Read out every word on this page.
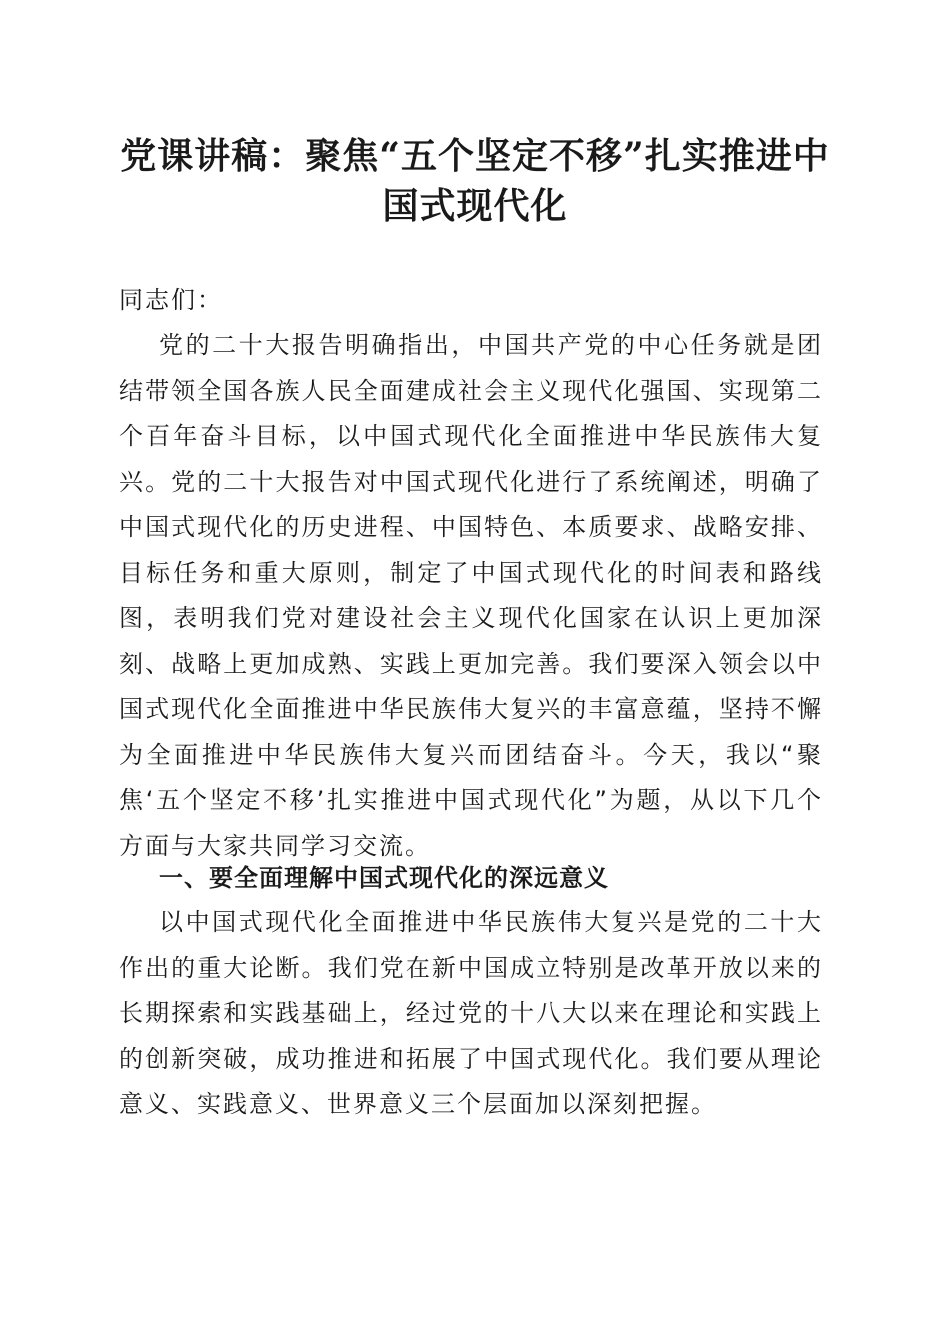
党课讲稿：聚焦“五个坚定不移”扎实推进中
国式现代化

同志们：

党的二十大报告明确指出，中国共产党的中心任务就是团结带领全国各族人民全面建成社会主义现代化强国、实现第二个百年奋斗目标，以中国式现代化全面推进中华民族伟大复兴。党的二十大报告对中国式现代化进行了系统阐述，明确了中国式现代化的历史进程、中国特色、本质要求、战略安排、目标任务和重大原则，制定了中国式现代化的时间表和路线图，表明我们党对建设社会主义现代化国家在认识上更加深刻、战略上更加成熟、实践上更加完善。我们要深入领会以中国式现代化全面推进中华民族伟大复兴的丰富意蕴，坚持不懈为全面推进中华民族伟大复兴而团结奋斗。今天，我以“聚焦‘五个坚定不移’扎实推进中国式现代化”为题，从以下几个方面与大家共同学习交流。

一、要全面理解中国式现代化的深远意义

以中国式现代化全面推进中华民族伟大复兴是党的二十大作出的重大论断。我们党在新中国成立特别是改革开放以来的长期探索和实践基础上，经过党的十八大以来在理论和实践上的创新突破，成功推进和拓展了中国式现代化。我们要从理论意义、实践意义、世界意义三个层面加以深刻把握。
